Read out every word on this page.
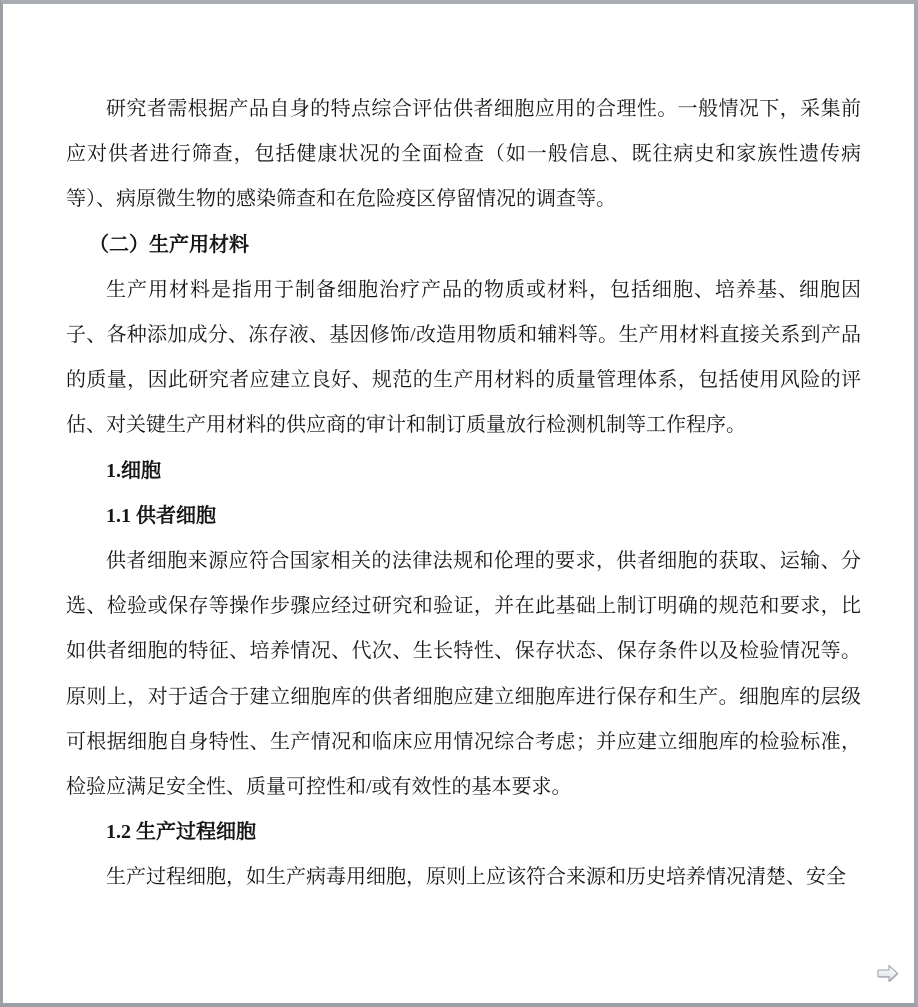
研究者需根据产品自身的特点综合评估供者细胞应用的合理性。一般情况下，采集前应对供者进行筛查，包括健康状况的全面检查（如一般信息、既往病史和家族性遗传病等）、病原微生物的感染筛查和在危险疫区停留情况的调查等。

（二）生产用材料

生产用材料是指用于制备细胞治疗产品的物质或材料，包括细胞、培养基、细胞因子、各种添加成分、冻存液、基因修饰/改造用物质和辅料等。生产用材料直接关系到产品的质量，因此研究者应建立良好、规范的生产用材料的质量管理体系，包括使用风险的评估、对关键生产用材料的供应商的审计和制订质量放行检测机制等工作程序。

1.细胞

1.1 供者细胞

供者细胞来源应符合国家相关的法律法规和伦理的要求，供者细胞的获取、运输、分选、检验或保存等操作步骤应经过研究和验证，并在此基础上制订明确的规范和要求，比如供者细胞的特征、培养情况、代次、生长特性、保存状态、保存条件以及检验情况等。原则上，对于适合于建立细胞库的供者细胞应建立细胞库进行保存和生产。细胞库的层级可根据细胞自身特性、生产情况和临床应用情况综合考虑；并应建立细胞库的检验标准，检验应满足安全性、质量可控性和/或有效性的基本要求。

1.2 生产过程细胞

生产过程细胞，如生产病毒用细胞，原则上应该符合来源和历史培养情况清楚、安全
